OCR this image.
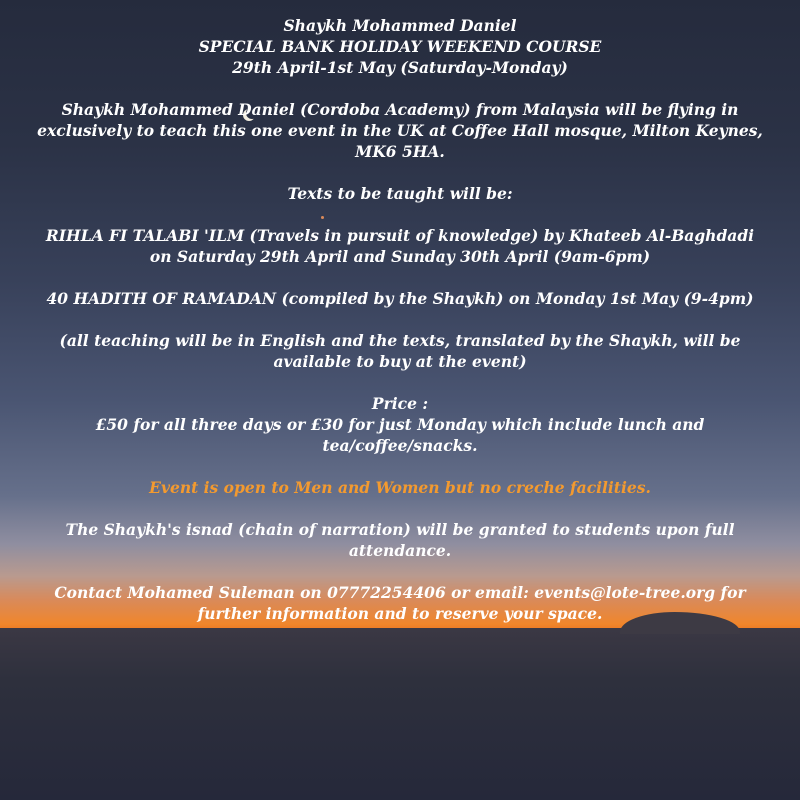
Shaykh Mohammed Daniel

SPECIAL BANK HOLIDAY WEEKEND COURSE

29th April-1st May (Saturday-Monday)

Shaykh Mohammed Daniel (Cordoba Academy) from Malaysia will be flying in

exclusively to teach this one event in the UK at Coffee Hall mosque, Milton Keynes,

MK6 5HA.

Texts to be taught will be:

RIHLA FI TALABI 'ILM (Travels in pursuit of knowledge) by Khateeb Al-Baghdadi

on Saturday 29th April and Sunday 30th April (9am-6pm)

40 HADITH OF RAMADAN (compiled by the Shaykh) on Monday 1st May (9-4pm)

(all teaching will be in English and the texts, translated by the Shaykh, will be

available to buy at the event)

Price :

£50 for all three days or £30 for just Monday which include lunch and

tea/coffee/snacks.

Event is open to Men and Women but no creche facilities.

The Shaykh's isnad (chain of narration) will be granted to students upon full

attendance.

Contact Mohamed Suleman on 07772254406 or email: events@lote-tree.org for

further information and to reserve your space.
